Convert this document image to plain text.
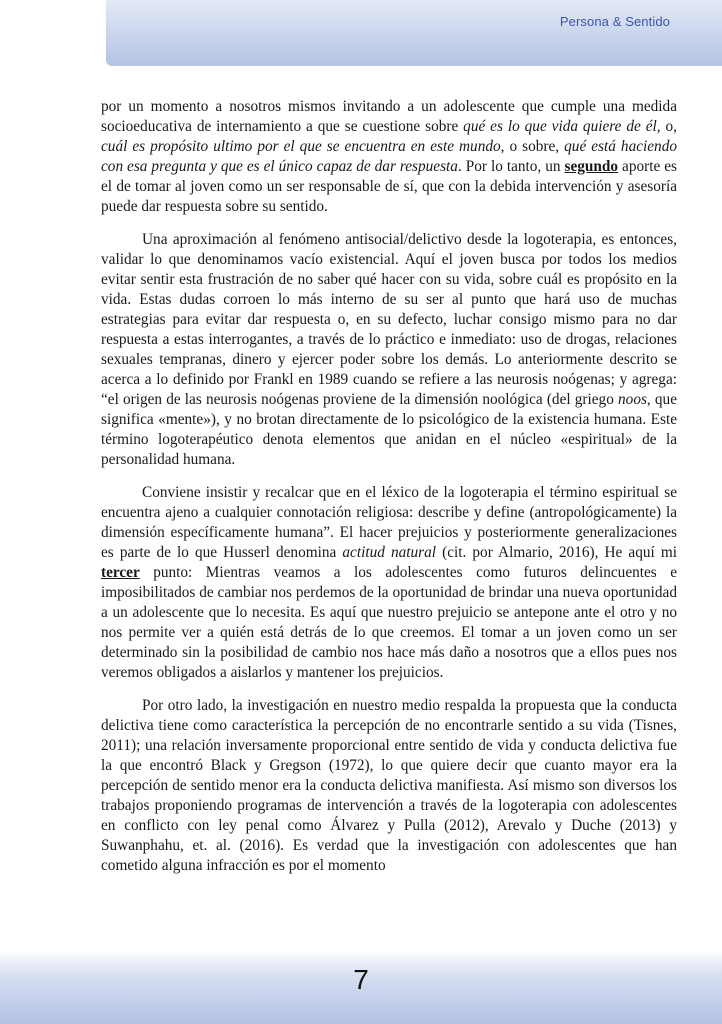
Persona & Sentido

por un momento a nosotros mismos invitando a un adolescente que cumple una medida socioeducativa de internamiento a que se cuestione sobre qué es lo que vida quiere de él, o, cuál es propósito ultimo por el que se encuentra en este mundo, o sobre, qué está haciendo con esa pregunta y que es el único capaz de dar respuesta. Por lo tanto, un segundo aporte es el de tomar al joven como un ser responsable de sí, que con la debida intervención y asesoría puede dar respuesta sobre su sentido.

Una aproximación al fenómeno antisocial/delictivo desde la logoterapia, es entonces, validar lo que denominamos vacío existencial. Aquí el joven busca por todos los medios evitar sentir esta frustración de no saber qué hacer con su vida, sobre cuál es propósito en la vida. Estas dudas corroen lo más interno de su ser al punto que hará uso de muchas estrategias para evitar dar respuesta o, en su defecto, luchar consigo mismo para no dar respuesta a estas interrogantes, a través de lo práctico e inmediato: uso de drogas, relaciones sexuales tempranas, dinero y ejercer poder sobre los demás. Lo anteriormente descrito se acerca a lo definido por Frankl en 1989 cuando se refiere a las neurosis noógenas; y agrega: “el origen de las neurosis noógenas proviene de la dimensión noológica (del griego noos, que significa «mente»), y no brotan directamente de lo psicológico de la existencia humana. Este término logoterapéutico denota elementos que anidan en el núcleo «espiritual» de la personalidad humana.

Conviene insistir y recalcar que en el léxico de la logoterapia el término espiritual se encuentra ajeno a cualquier connotación religiosa: describe y define (antropológicamente) la dimensión específicamente humana”. El hacer prejuicios y posteriormente generalizaciones es parte de lo que Husserl denomina actitud natural (cit. por Almario, 2016), He aquí mi tercer punto: Mientras veamos a los adolescentes como futuros delincuentes e imposibilitados de cambiar nos perdemos de la oportunidad de brindar una nueva oportunidad a un adolescente que lo necesita. Es aquí que nuestro prejuicio se antepone ante el otro y no nos permite ver a quién está detrás de lo que creemos. El tomar a un joven como un ser determinado sin la posibilidad de cambio nos hace más daño a nosotros que a ellos pues nos veremos obligados a aislarlos y mantener los prejuicios.

Por otro lado, la investigación en nuestro medio respalda la propuesta que la conducta delictiva tiene como característica la percepción de no encontrarle sentido a su vida (Tisnes, 2011); una relación inversamente proporcional entre sentido de vida y conducta delictiva fue la que encontró Black y Gregson (1972), lo que quiere decir que cuanto mayor era la percepción de sentido menor era la conducta delictiva manifiesta. Así mismo son diversos los trabajos proponiendo programas de intervención a través de la logoterapia con adolescentes en conflicto con ley penal como Álvarez y Pulla (2012), Arevalo y Duche (2013) y Suwanphahu, et. al. (2016). Es verdad que la investigación con adolescentes que han cometido alguna infracción es por el momento

7
